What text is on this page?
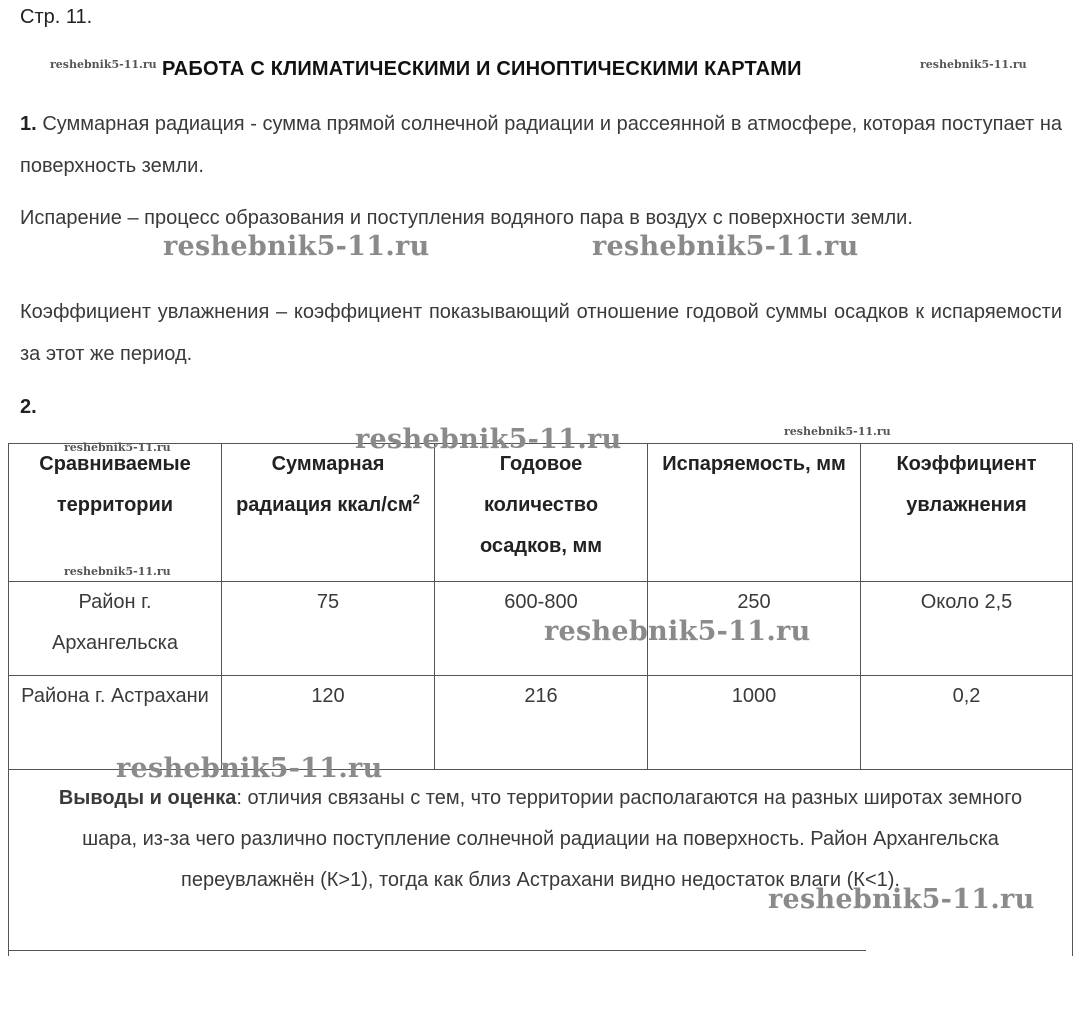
Стр. 11.
reshebnik5-11.ru РАБОТА С КЛИМАТИЧЕСКИМИ И СИНОПТИЧЕСКИМИ КАРТАМИ	reshebnik5-11.ru
1. Суммарная радиация - сумма прямой солнечной радиации и рассеянной в атмосфере, которая поступает на поверхность земли.
Испарение – процесс образования и поступления водяного пара в воздух с поверхности земли.
reshebnik5-11.ru	reshebnik5-11.ru
Коэффициент увлажнения – коэффициент показывающий отношение годовой суммы осадков к испаряемости за этот же период.
2.
Сравниваемые территории	Суммарная радиация ккал/$см^2$	Годовое количество осадков, мм	Испаряемость, мм	Коэффициент увлажнения
Район г. Архангельска	75	600-800	250	Около 2,5
Района г. Астрахани	120	216	1000	0,2
Выводы и оценка: отличия связаны с тем, что территории располагаются на разных широтах земного шара, из-за чего различно поступление солнечной радиации на поверхность. Район Архангельска переувлажнён (К>1), тогда как близ Астрахани видно недостаток влаги (К<1).				
reshebnik5-11.ru
reshebnik5-11.ru
reshebnik5-11.ru
reshebnik5-11.ru
reshebnik5-11.ru
reshebnik5-11.ru
reshebnik5-11.ru
